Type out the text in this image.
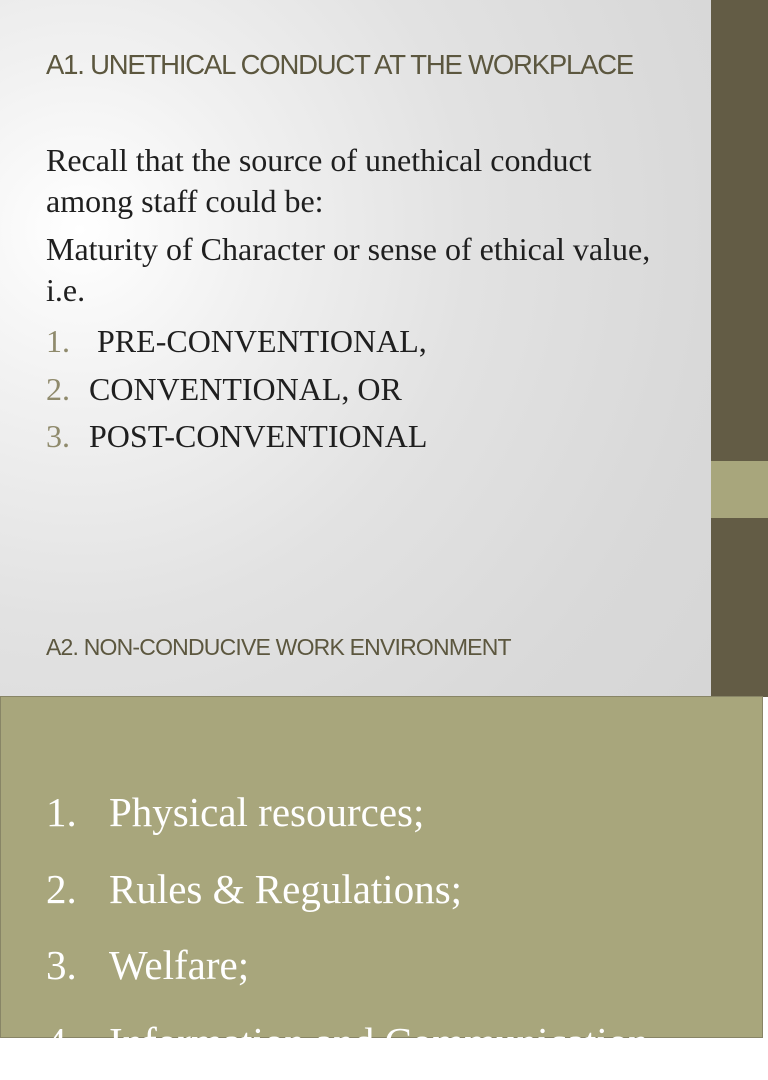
A1. UNETHICAL CONDUCT AT THE WORKPLACE

Recall that the source of unethical conduct among staff could be:

Maturity of Character or sense of ethical value, i.e.

1. PRE-CONVENTIONAL,
2. CONVENTIONAL, OR
3. POST-CONVENTIONAL
A2. NON-CONDUCIVE WORK ENVIRONMENT
1. Physical resources;
2. Rules & Regulations;
3. Welfare;
4. Information and Communication
